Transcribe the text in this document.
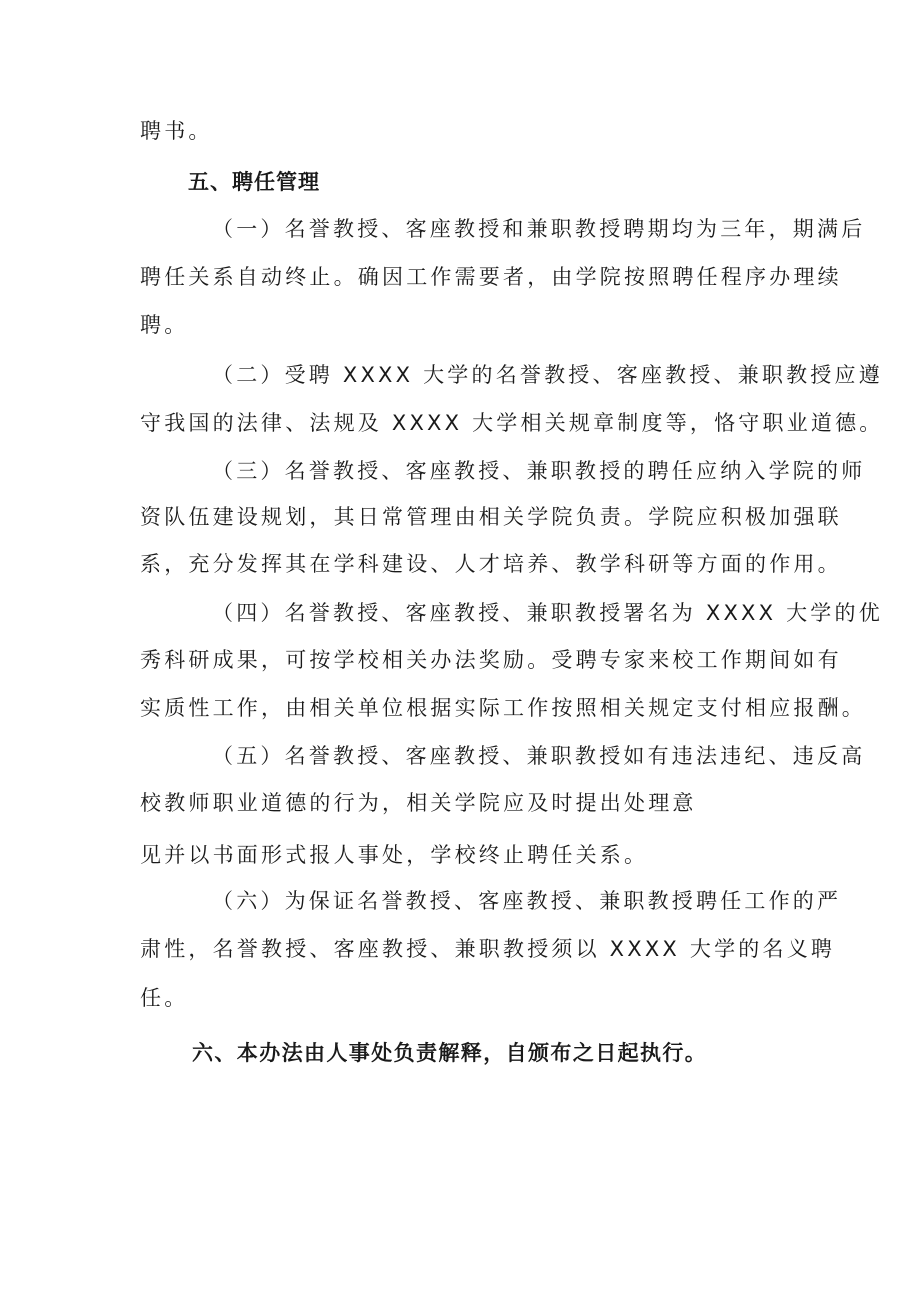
聘书。

五、聘任管理

（一）名誉教授、客座教授和兼职教授聘期均为三年，期满后

聘任关系自动终止。确因工作需要者，由学院按照聘任程序办理续

聘。

（二）受聘 XXXX 大学的名誉教授、客座教授、兼职教授应遵

守我国的法律、法规及 XXXX 大学相关规章制度等，恪守职业道德。

（三）名誉教授、客座教授、兼职教授的聘任应纳入学院的师

资队伍建设规划，其日常管理由相关学院负责。学院应积极加强联

系，充分发挥其在学科建设、人才培养、教学科研等方面的作用。

（四）名誉教授、客座教授、兼职教授署名为 XXXX 大学的优

秀科研成果，可按学校相关办法奖励。受聘专家来校工作期间如有

实质性工作，由相关单位根据实际工作按照相关规定支付相应报酬。

（五）名誉教授、客座教授、兼职教授如有违法违纪、违反高

校教师职业道德的行为，相关学院应及时提出处理意

见并以书面形式报人事处，学校终止聘任关系。

（六）为保证名誉教授、客座教授、兼职教授聘任工作的严

肃性，名誉教授、客座教授、兼职教授须以 XXXX 大学的名义聘

任。

六、本办法由人事处负责解释，自颁布之日起执行。
